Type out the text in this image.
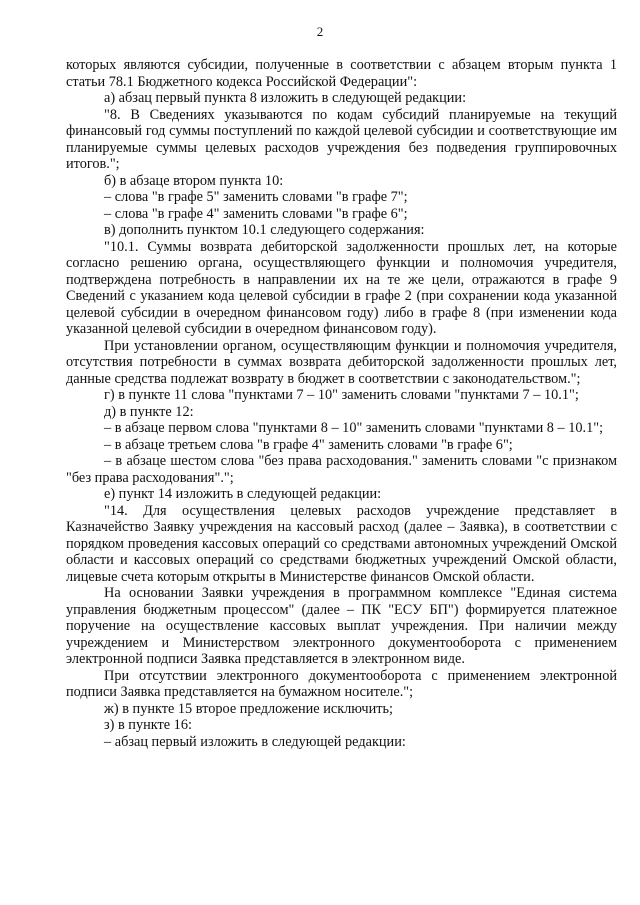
2

которых являются субсидии, полученные в соответствии с абзацем вторым пункта 1 статьи 78.1 Бюджетного кодекса Российской Федерации":

а) абзац первый пункта 8 изложить в следующей редакции:

"8. В Сведениях указываются по кодам субсидий планируемые на текущий финансовый год суммы поступлений по каждой целевой субсидии и соответствующие им планируемые суммы целевых расходов учреждения без подведения группировочных итогов.";

б) в абзаце втором пункта 10:

– слова "в графе 5" заменить словами "в графе 7";

– слова "в графе 4" заменить словами "в графе 6";

в) дополнить пунктом 10.1 следующего содержания:

"10.1. Суммы возврата дебиторской задолженности прошлых лет, на которые согласно решению органа, осуществляющего функции и полномочия учредителя, подтверждена потребность в направлении их на те же цели, отражаются в графе 9 Сведений с указанием кода целевой субсидии в графе 2 (при сохранении кода указанной целевой субсидии в очередном финансовом году) либо в графе 8 (при изменении кода указанной целевой субсидии в очередном финансовом году).

При установлении органом, осуществляющим функции и полномочия учредителя, отсутствия потребности в суммах возврата дебиторской задолженности прошлых лет, данные средства подлежат возврату в бюджет в соответствии с законодательством.";

г) в пункте 11 слова "пунктами 7 – 10" заменить словами "пунктами 7 – 10.1";

д) в пункте 12:

– в абзаце первом слова "пунктами 8 – 10" заменить словами "пунктами 8 – 10.1";

– в абзаце третьем слова "в графе 4" заменить словами "в графе 6";

– в абзаце шестом слова "без права расходования." заменить словами "с признаком "без права расходования".";

е) пункт 14 изложить в следующей редакции:

"14. Для осуществления целевых расходов учреждение представляет в Казначейство Заявку учреждения на кассовый расход (далее – Заявка), в соответствии с порядком проведения кассовых операций со средствами автономных учреждений Омской области и кассовых операций со средствами бюджетных учреждений Омской области, лицевые счета которым открыты в Министерстве финансов Омской области.

На основании Заявки учреждения в программном комплексе "Единая система управления бюджетным процессом" (далее – ПК "ЕСУ БП") формируется платежное поручение на осуществление кассовых выплат учреждения. При наличии между учреждением и Министерством электронного документооборота с применением электронной подписи Заявка представляется в электронном виде.

При отсутствии электронного документооборота с применением электронной подписи Заявка представляется на бумажном носителе.";

ж) в пункте 15 второе предложение исключить;

з) в пункте 16:

– абзац первый изложить в следующей редакции:
